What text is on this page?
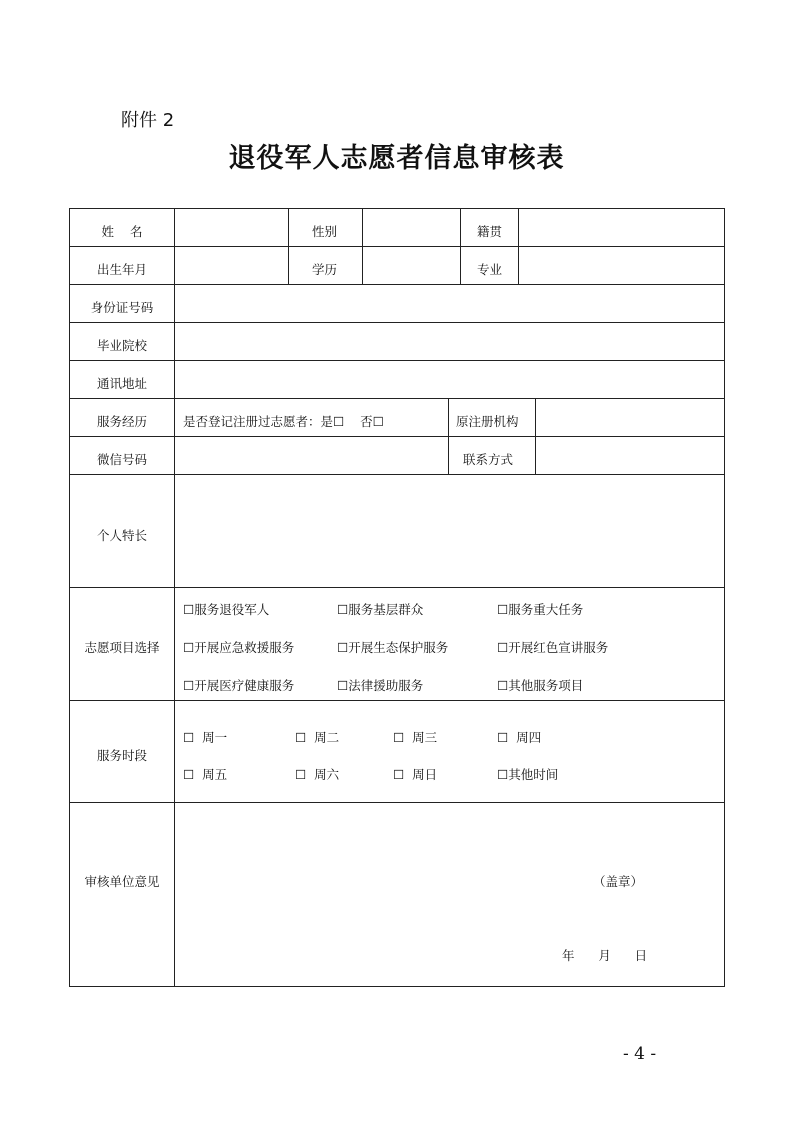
附件 2
退役军人志愿者信息审核表
姓    名	性别	籍贯
出生年月	学历	专业
身份证号码
毕业院校
通讯地址
服务经历	是否登记注册过志愿者：是☐    否☐	原注册机构
微信号码	联系方式
个人特长
志愿项目选择
☐服务退役军人	☐服务基层群众	☐服务重大任务
☐开展应急救援服务	☐开展生态保护服务	☐开展红色宣讲服务
☐开展医疗健康服务	☐法律援助服务	☐其他服务项目
服务时段
☐  周一	☐  周二	☐  周三	☐  周四
☐  周五	☐  周六	☐  周日	☐其他时间
审核单位意见	（盖章）
年      月      日
- 4 -
